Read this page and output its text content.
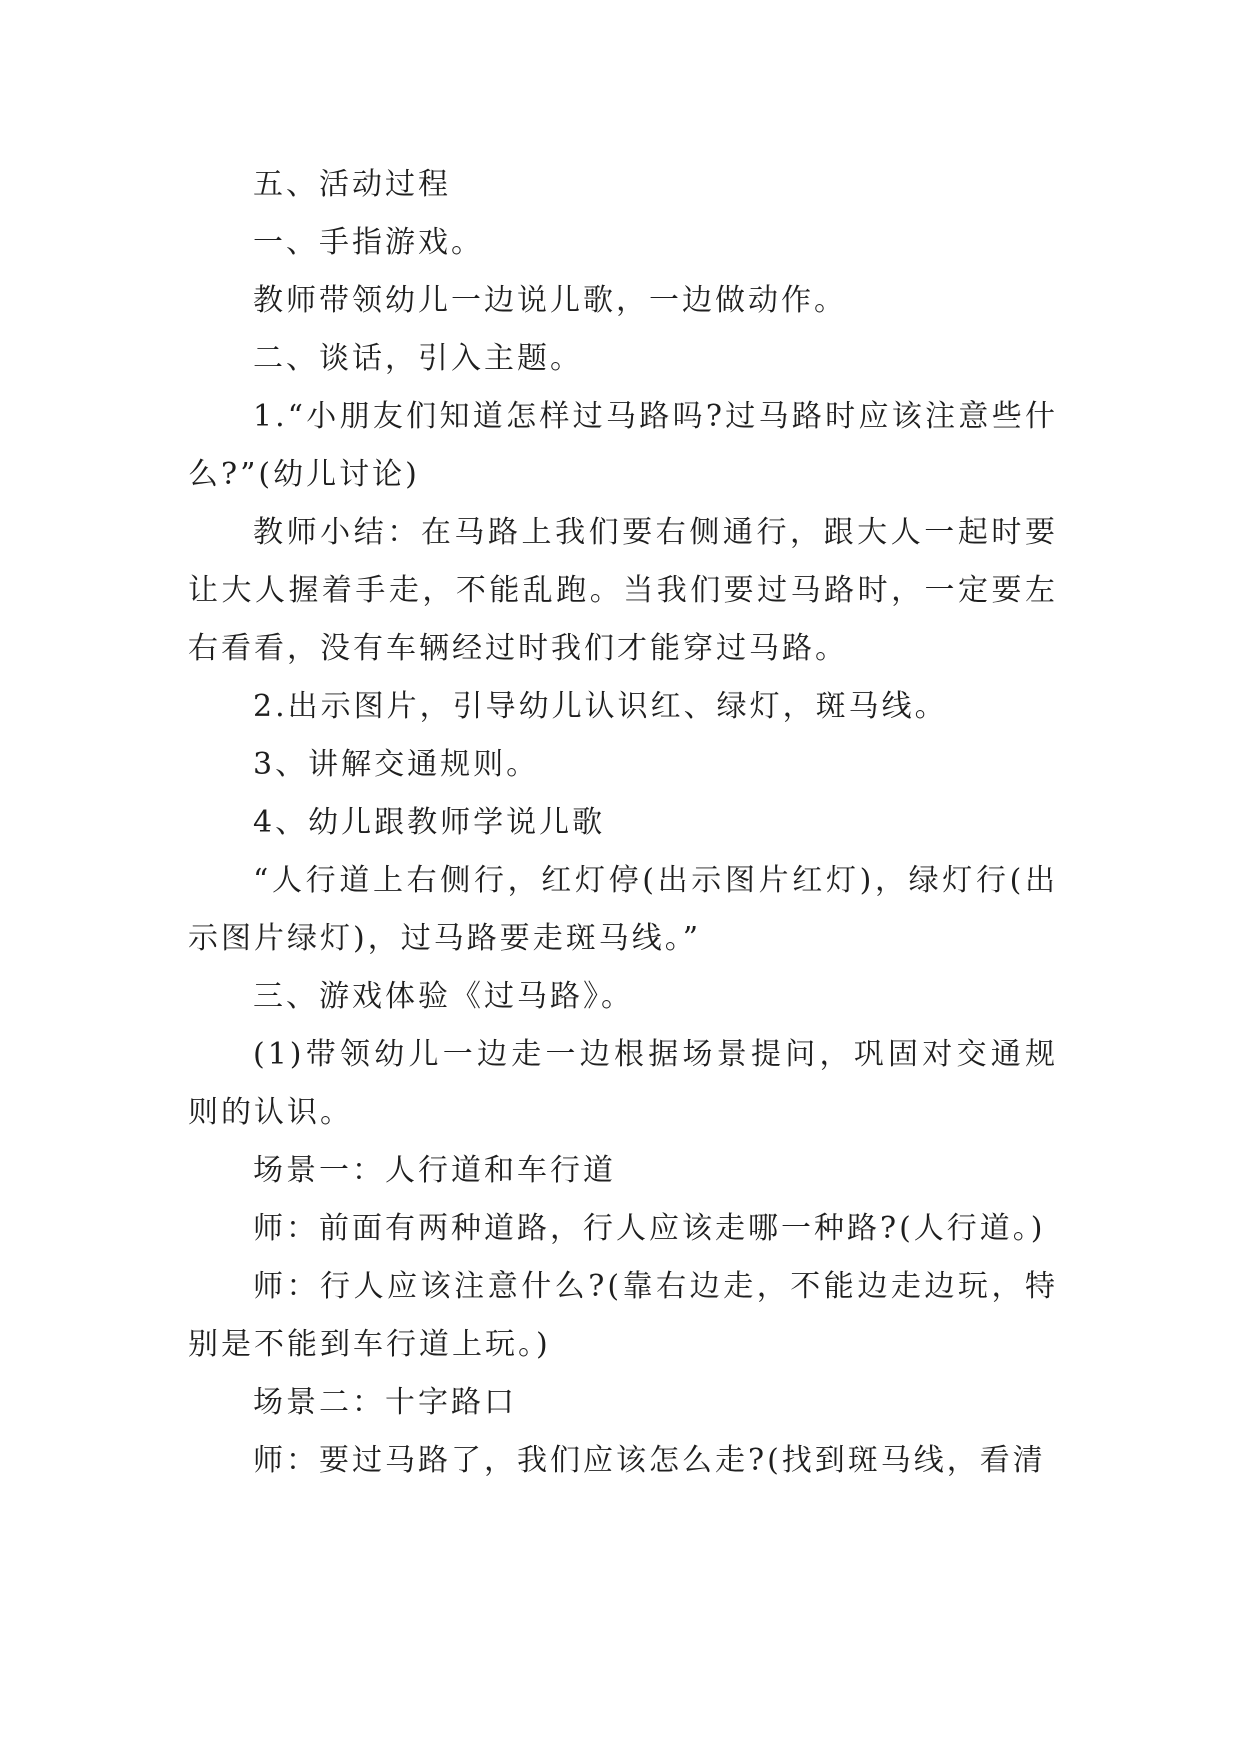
五、活动过程

一、手指游戏。

教师带领幼儿一边说儿歌，一边做动作。

二、谈话，引入主题。

1.“小朋友们知道怎样过马路吗?过马路时应该注意些什么?”(幼儿讨论)

教师小结：在马路上我们要右侧通行，跟大人一起时要让大人握着手走，不能乱跑。当我们要过马路时，一定要左右看看，没有车辆经过时我们才能穿过马路。

2.出示图片，引导幼儿认识红、绿灯，斑马线。

3、讲解交通规则。

4、幼儿跟教师学说儿歌

“人行道上右侧行，红灯停(出示图片红灯)，绿灯行(出示图片绿灯)，过马路要走斑马线。”

三、游戏体验《过马路》。

(1)带领幼儿一边走一边根据场景提问，巩固对交通规则的认识。

场景一：人行道和车行道

师：前面有两种道路，行人应该走哪一种路?(人行道。)

师：行人应该注意什么?(靠右边走，不能边走边玩，特别是不能到车行道上玩。)

场景二：十字路口

师：要过马路了，我们应该怎么走?(找到斑马线，看清
